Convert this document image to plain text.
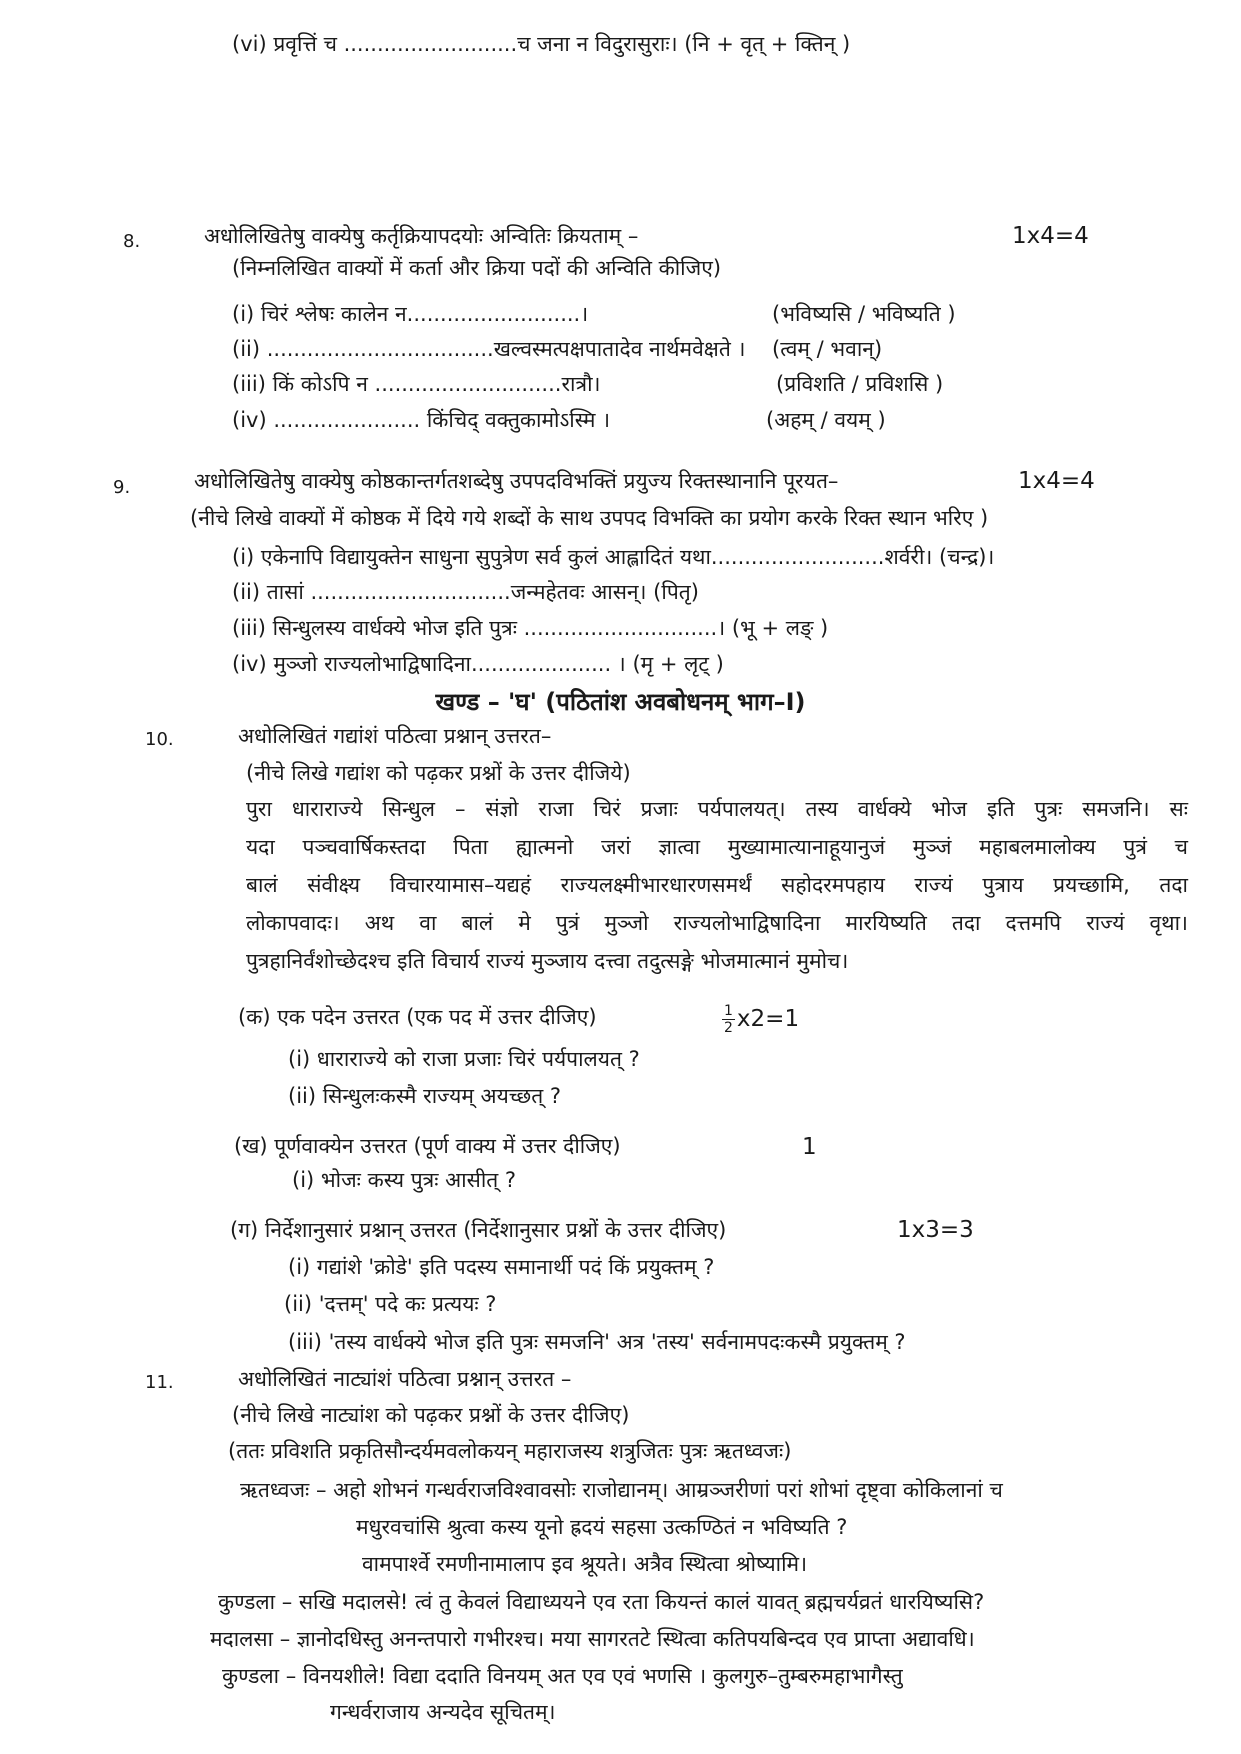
(vi) प्रवृत्तिं च ..........................च जना न विदुरासुराः। (नि + वृत् + क्तिन् )
8.	अधोलिखितेषु वाक्येषु कर्तृक्रियापदयोः अन्वितिः क्रियताम् –	1x4=4
(निम्नलिखित वाक्यों में कर्ता और क्रिया पदों की अन्विति कीजिए)
(i) चिरं श्लेषः कालेन न..........................।	(भविष्यसि / भविष्यति )
(ii) ..................................खल्वस्मत्पक्षपातादेव नार्थमवेक्षते । (त्वम् / भवान्)
(iii) किं कोऽपि न ............................रात्रौ।	(प्रविशति / प्रविशसि )
(iv) ...................... किंचिद् वक्तुकामोऽस्मि ।	(अहम् / वयम् )
9.	अधोलिखितेषु वाक्येषु कोष्ठकान्तर्गतशब्देषु उपपदविभक्तिं प्रयुज्य रिक्तस्थानानि पूरयत–	1x4=4
(नीचे लिखे वाक्यों में कोष्ठक में दिये गये शब्दों के साथ उपपद विभक्ति का प्रयोग करके रिक्त स्थान भरिए )
(i) एकेनापि विद्यायुक्तेन साधुना सुपुत्रेण सर्व कुलं आह्लादितं यथा..........................शर्वरी। (चन्द्र)।
(ii) तासां ..............................जन्महेतवः आसन्। (पितृ)
(iii) सिन्धुलस्य वार्धक्ये भोज इति पुत्रः .............................। (भू + लङ् )
(iv) मुञ्जो राज्यलोभाद्विषादिना..................... । (मृ + लृट् )
खण्ड – 'घ' (पठितांश अवबोधनम् भाग–I)
10.	अधोलिखितं गद्यांशं पठित्वा प्रश्नान् उत्तरत–
(नीचे लिखे गद्यांश को पढ़कर प्रश्नों के उत्तर दीजिये)
पुरा धाराराज्ये सिन्धुल – संज्ञो राजा चिरं प्रजाः पर्यपालयत्। तस्य वार्धक्ये भोज इति पुत्रः समजनि। सः
यदा पञ्चवार्षिकस्तदा पिता ह्यात्मनो जरां ज्ञात्वा मुख्यामात्यानाहूयानुजं मुञ्जं महाबलमालोक्य पुत्रं च
बालं संवीक्ष्य विचारयामास–यद्यहं राज्यलक्ष्मीभारधारणसमर्थं सहोदरमपहाय राज्यं पुत्राय प्रयच्छामि, तदा
लोकापवादः। अथ वा बालं मे पुत्रं मुञ्जो राज्यलोभाद्विषादिना मारयिष्यति तदा दत्तमपि राज्यं वृथा।
पुत्रहानिर्वंशोच्छेदश्च इति विचार्य राज्यं मुञ्जाय दत्त्वा तदुत्सङ्गे भोजमात्मानं मुमोच।
(क) एक पदेन उत्तरत (एक पद में उत्तर दीजिए)	$\frac{1}{2}x2=1$
(i) धाराराज्ये को राजा प्रजाः चिरं पर्यपालयत् ?
(ii) सिन्धुलःकस्मै राज्यम् अयच्छत् ?
(ख) पूर्णवाक्येन उत्तरत (पूर्ण वाक्य में उत्तर दीजिए)	1
(i) भोजः कस्य पुत्रः आसीत् ?
(ग) निर्देशानुसारं प्रश्नान् उत्तरत (निर्देशानुसार प्रश्नों के उत्तर दीजिए)	1x3=3
(i) गद्यांशे 'क्रोडे' इति पदस्य समानार्थी पदं किं प्रयुक्तम् ?
(ii) 'दत्तम्' पदे कः प्रत्ययः ?
(iii) 'तस्य वार्धक्ये भोज इति पुत्रः समजनि' अत्र 'तस्य' सर्वनामपदःकस्मै प्रयुक्तम् ?
11.	अधोलिखितं नाट्यांशं पठित्वा प्रश्नान् उत्तरत –
(नीचे लिखे नाट्यांश को पढ़कर प्रश्नों के उत्तर दीजिए)
(ततः प्रविशति प्रकृतिसौन्दर्यमवलोकयन् महाराजस्य शत्रुजितः पुत्रः ऋतध्वजः)
ऋतध्वजः – अहो शोभनं गन्धर्वराजविश्वावसोः राजोद्यानम्। आम्रञ्जरीणां परां शोभां दृष्ट्वा कोकिलानां च
मधुरवचांसि श्रुत्वा कस्य यूनो ह्रदयं सहसा उत्कण्ठितं न भविष्यति ?
वामपार्श्वे रमणीनामालाप इव श्रूयते। अत्रैव स्थित्वा श्रोष्यामि।
कुण्डला – सखि मदालसे! त्वं तु केवलं विद्याध्ययने एव रता कियन्तं कालं यावत् ब्रह्मचर्यव्रतं धारयिष्यसि?
मदालसा – ज्ञानोदधिस्तु अनन्तपारो गभीरश्च। मया सागरतटे स्थित्वा कतिपयबिन्दव एव प्राप्ता अद्यावधि।
कुण्डला – विनयशीले! विद्या ददाति विनयम् अत एव एवं भणसि । कुलगुरु–तुम्बरुमहाभागैस्तु
गन्धर्वराजाय अन्यदेव सूचितम्।
